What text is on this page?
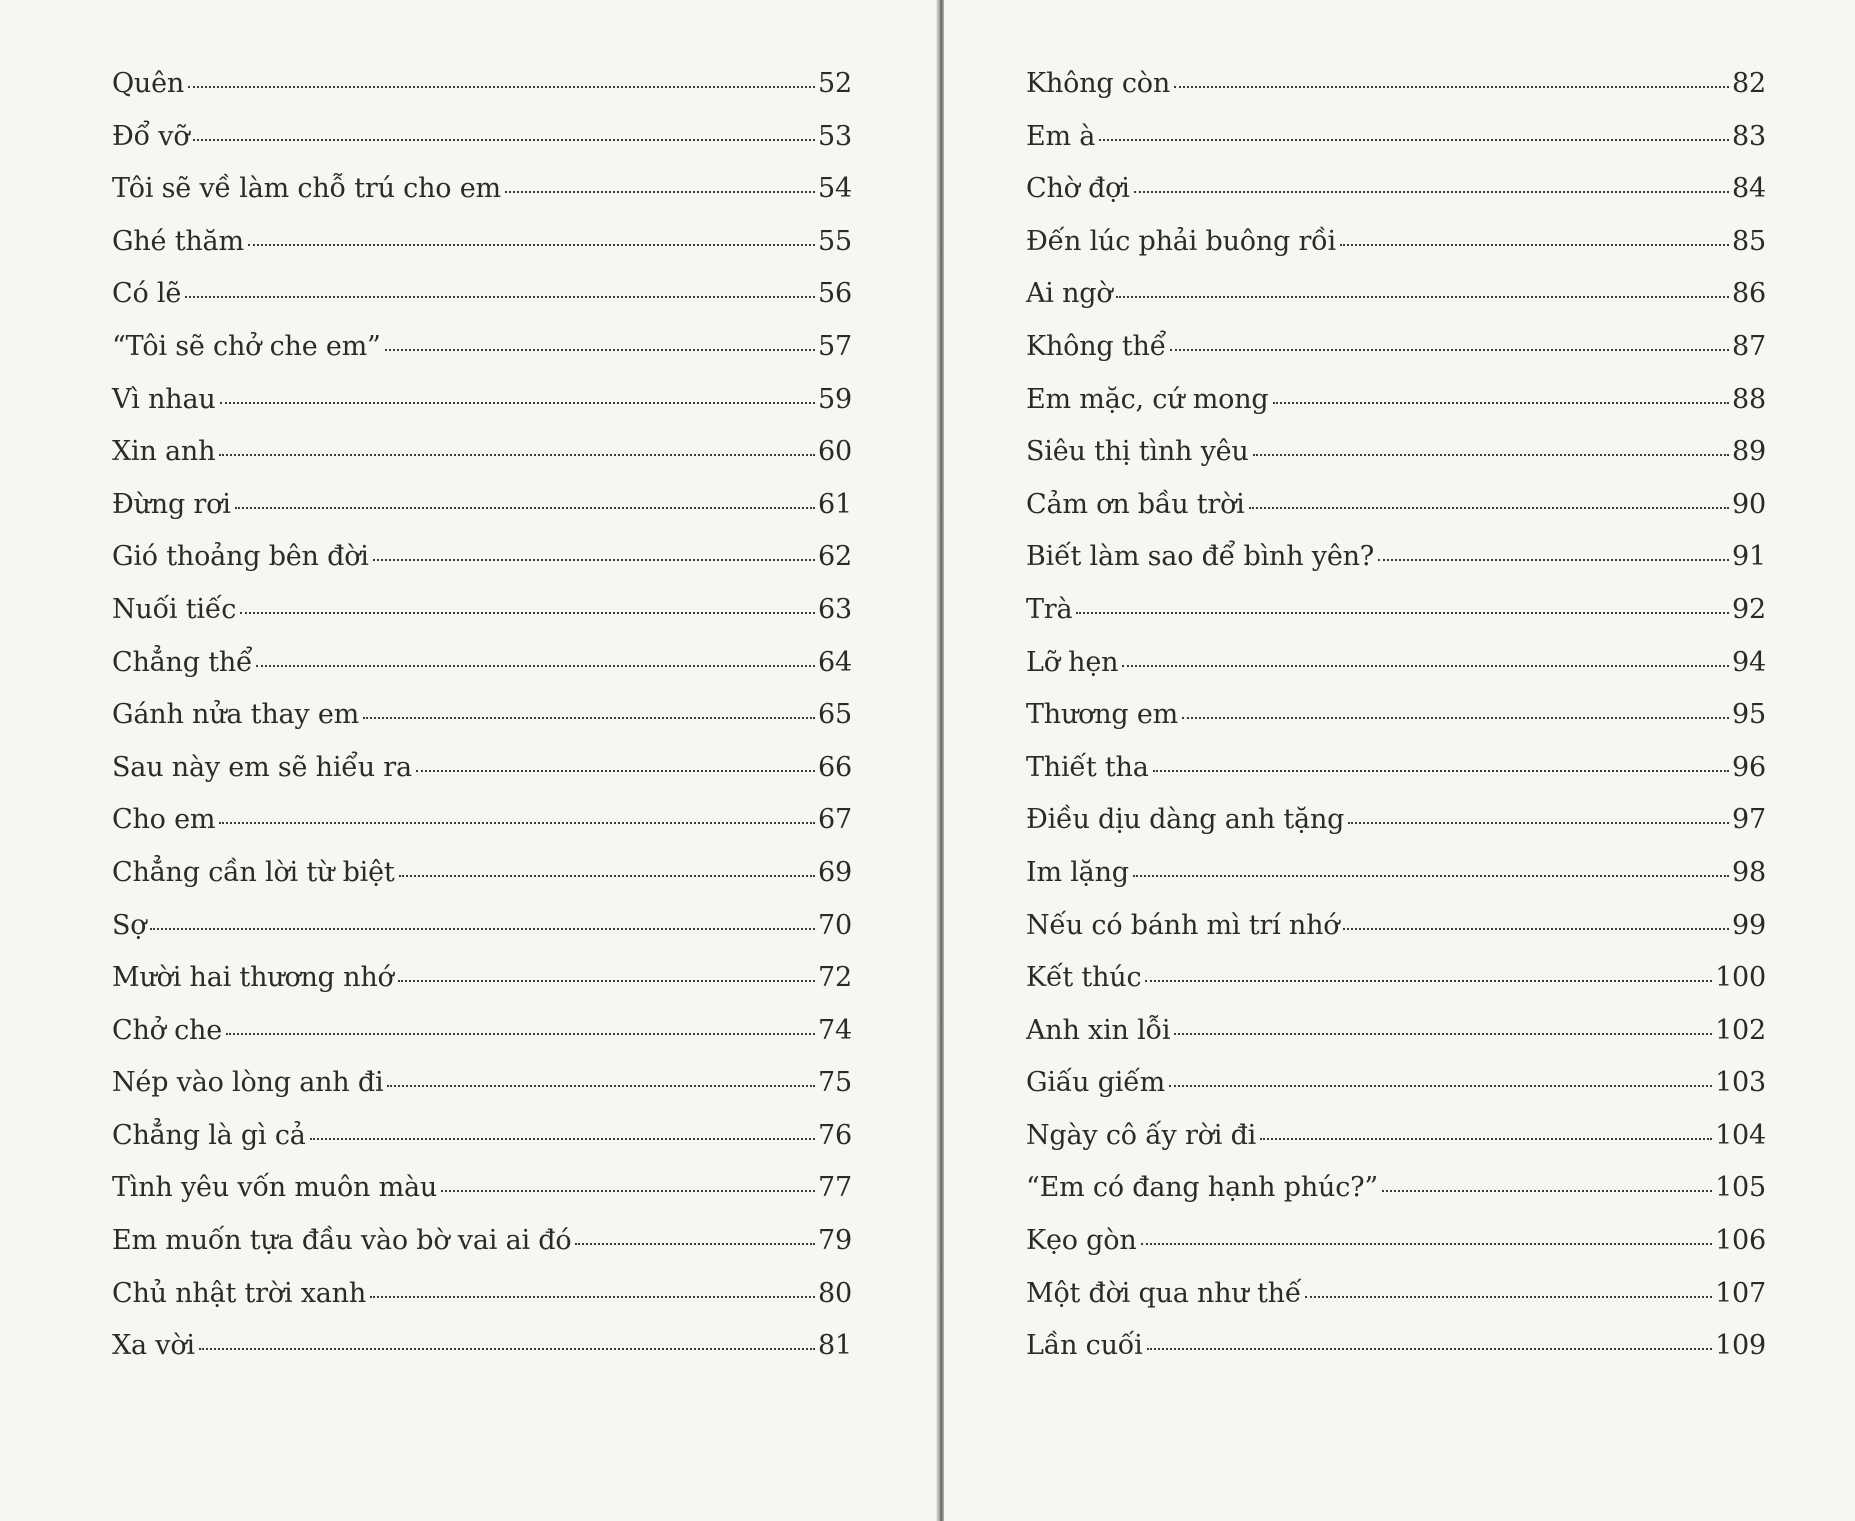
Quên	52
Đổ vỡ	53
Tôi sẽ về làm chỗ trú cho em	54
Ghé thăm	55
Có lẽ	56
“Tôi sẽ chở che em”	57
Vì nhau	59
Xin anh	60
Đừng rơi	61
Gió thoảng bên đời	62
Nuối tiếc	63
Chẳng thể	64
Gánh nửa thay em	65
Sau này em sẽ hiểu ra	66
Cho em	67
Chẳng cần lời từ biệt	69
Sợ	70
Mười hai thương nhớ	72
Chở che	74
Nép vào lòng anh đi	75
Chẳng là gì cả	76
Tình yêu vốn muôn màu	77
Em muốn tựa đầu vào bờ vai ai đó	79
Chủ nhật trời xanh	80
Xa vời	81
Không còn	82
Em à	83
Chờ đợi	84
Đến lúc phải buông rồi	85
Ai ngờ	86
Không thể	87
Em mặc, cứ mong	88
Siêu thị tình yêu	89
Cảm ơn bầu trời	90
Biết làm sao để bình yên?	91
Trà	92
Lỡ hẹn	94
Thương em	95
Thiết tha	96
Điều dịu dàng anh tặng	97
Im lặng	98
Nếu có bánh mì trí nhớ	99
Kết thúc	100
Anh xin lỗi	102
Giấu giếm	103
Ngày cô ấy rời đi	104
“Em có đang hạnh phúc?”	105
Kẹo gòn	106
Một đời qua như thế	107
Lần cuối	109
